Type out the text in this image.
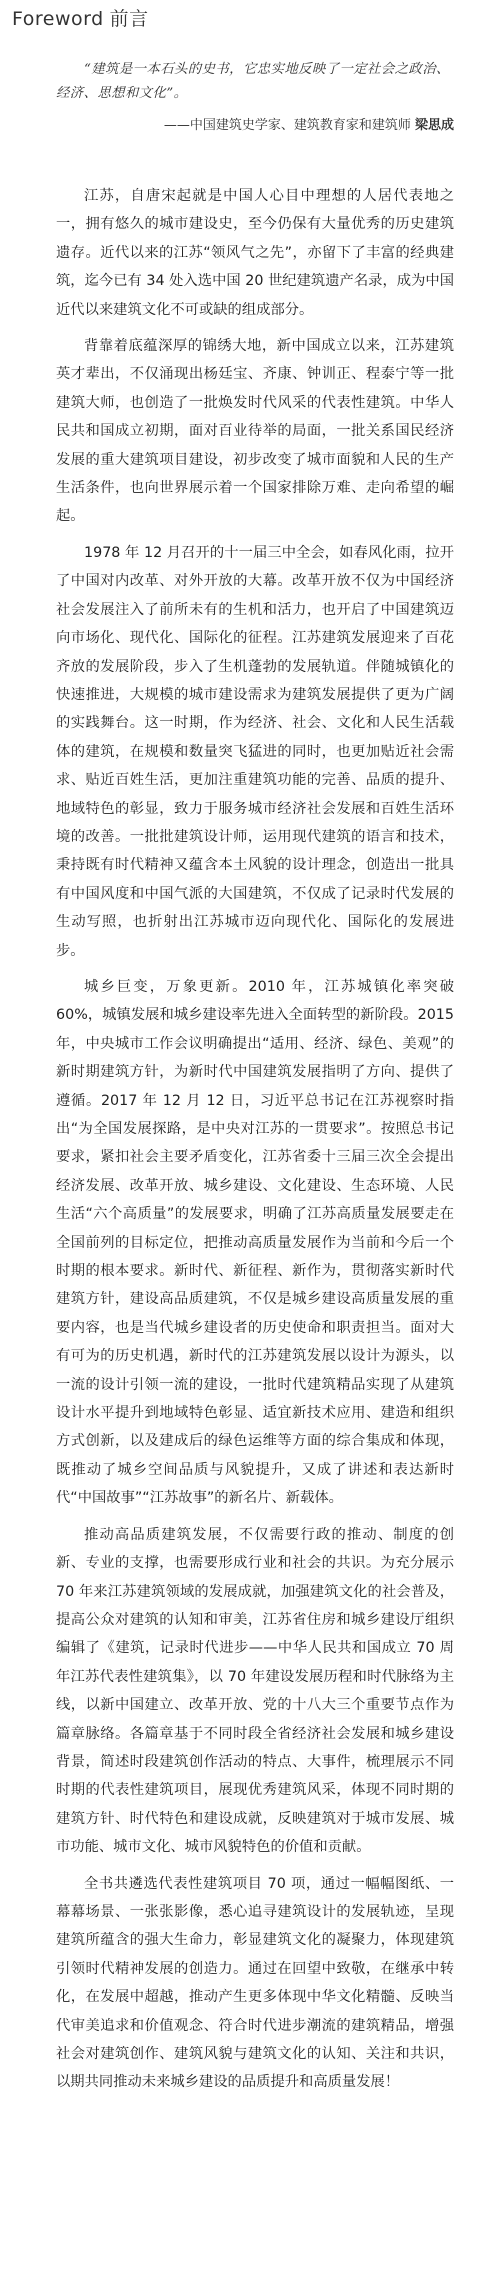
Foreword 前言
“建筑是一本石头的史书，它忠实地反映了一定社会之政治、经济、思想和文化”。
——中国建筑史学家、建筑教育家和建筑师 梁思成

江苏，自唐宋起就是中国人心目中理想的人居代表地之一，拥有悠久的城市建设史，至今仍保有大量优秀的历史建筑遗存。近代以来的江苏“领风气之先”，亦留下了丰富的经典建筑，迄今已有 34 处入选中国 20 世纪建筑遗产名录，成为中国近代以来建筑文化不可或缺的组成部分。

背靠着底蕴深厚的锦绣大地，新中国成立以来，江苏建筑英才辈出，不仅涌现出杨廷宝、齐康、钟训正、程泰宁等一批建筑大师，也创造了一批焕发时代风采的代表性建筑。中华人民共和国成立初期，面对百业待举的局面，一批关系国民经济发展的重大建筑项目建设，初步改变了城市面貌和人民的生产生活条件，也向世界展示着一个国家排除万难、走向希望的崛起。

1978 年 12 月召开的十一届三中全会，如春风化雨，拉开了中国对内改革、对外开放的大幕。改革开放不仅为中国经济社会发展注入了前所未有的生机和活力，也开启了中国建筑迈向市场化、现代化、国际化的征程。江苏建筑发展迎来了百花齐放的发展阶段，步入了生机蓬勃的发展轨道。伴随城镇化的快速推进，大规模的城市建设需求为建筑发展提供了更为广阔的实践舞台。这一时期，作为经济、社会、文化和人民生活载体的建筑，在规模和数量突飞猛进的同时，也更加贴近社会需求、贴近百姓生活，更加注重建筑功能的完善、品质的提升、地域特色的彰显，致力于服务城市经济社会发展和百姓生活环境的改善。一批批建筑设计师，运用现代建筑的语言和技术，秉持既有时代精神又蕴含本土风貌的设计理念，创造出一批具有中国风度和中国气派的大国建筑，不仅成了记录时代发展的生动写照，也折射出江苏城市迈向现代化、国际化的发展进步。

城乡巨变，万象更新。2010 年，江苏城镇化率突破 60%，城镇发展和城乡建设率先进入全面转型的新阶段。2015 年，中央城市工作会议明确提出“适用、经济、绿色、美观”的新时期建筑方针，为新时代中国建筑发展指明了方向、提供了遵循。2017 年 12 月 12 日，习近平总书记在江苏视察时指出“为全国发展探路，是中央对江苏的一贯要求”。按照总书记要求，紧扣社会主要矛盾变化，江苏省委十三届三次全会提出经济发展、改革开放、城乡建设、文化建设、生态环境、人民生活“六个高质量”的发展要求，明确了江苏高质量发展要走在全国前列的目标定位，把推动高质量发展作为当前和今后一个时期的根本要求。新时代、新征程、新作为，贯彻落实新时代建筑方针，建设高品质建筑，不仅是城乡建设高质量发展的重要内容，也是当代城乡建设者的历史使命和职责担当。面对大有可为的历史机遇，新时代的江苏建筑发展以设计为源头，以一流的设计引领一流的建设，一批时代建筑精品实现了从建筑设计水平提升到地域特色彰显、适宜新技术应用、建造和组织方式创新，以及建成后的绿色运维等方面的综合集成和体现，既推动了城乡空间品质与风貌提升，又成了讲述和表达新时代“中国故事”“江苏故事”的新名片、新载体。

推动高品质建筑发展，不仅需要行政的推动、制度的创新、专业的支撑，也需要形成行业和社会的共识。为充分展示 70 年来江苏建筑领域的发展成就，加强建筑文化的社会普及，提高公众对建筑的认知和审美，江苏省住房和城乡建设厅组织编辑了《建筑，记录时代进步——中华人民共和国成立 70 周年江苏代表性建筑集》，以 70 年建设发展历程和时代脉络为主线，以新中国建立、改革开放、党的十八大三个重要节点作为篇章脉络。各篇章基于不同时段全省经济社会发展和城乡建设背景，简述时段建筑创作活动的特点、大事件，梳理展示不同时期的代表性建筑项目，展现优秀建筑风采，体现不同时期的建筑方针、时代特色和建设成就，反映建筑对于城市发展、城市功能、城市文化、城市风貌特色的价值和贡献。

全书共遴选代表性建筑项目 70 项，通过一幅幅图纸、一幕幕场景、一张张影像，悉心追寻建筑设计的发展轨迹，呈现建筑所蕴含的强大生命力，彰显建筑文化的凝聚力，体现建筑引领时代精神发展的创造力。通过在回望中致敬，在继承中转化，在发展中超越，推动产生更多体现中华文化精髓、反映当代审美追求和价值观念、符合时代进步潮流的建筑精品，增强社会对建筑创作、建筑风貌与建筑文化的认知、关注和共识，以期共同推动未来城乡建设的品质提升和高质量发展！
